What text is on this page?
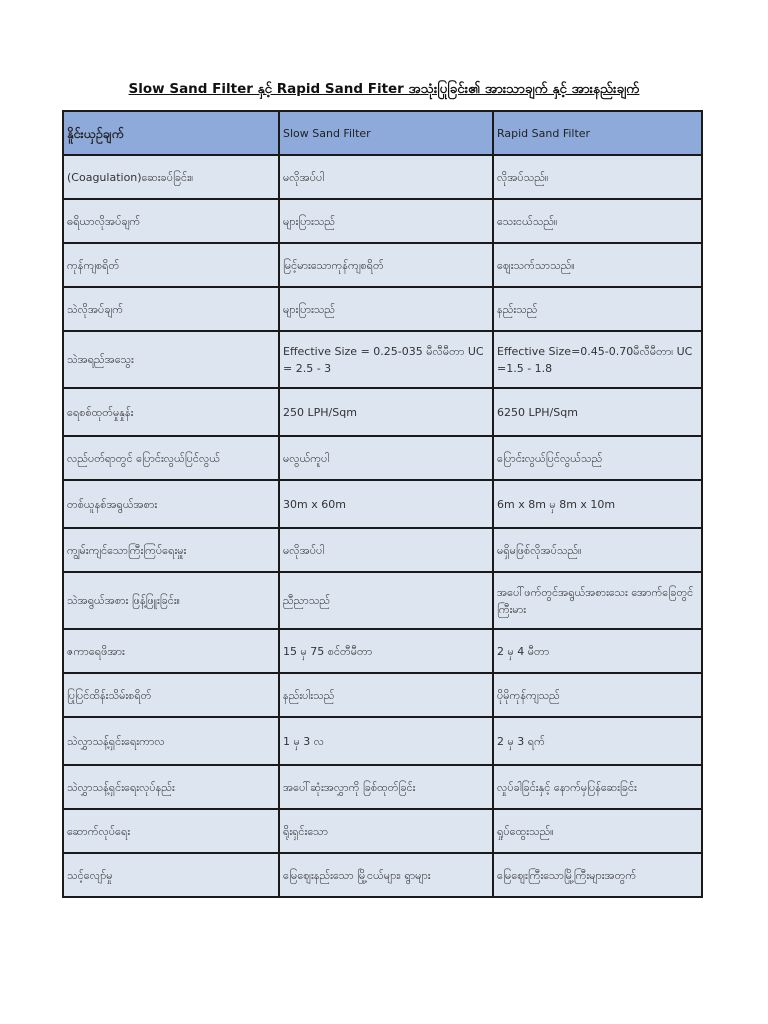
Slow Sand Filter နှင့် Rapid Sand Fiter အသုံးပြုခြင်း၏ အားသာချက် နှင့် အားနည်းချက်
နိူင်းယှဉ်ချက်	Slow Sand Filter	Rapid Sand Filter
(Coagulation)ဆေးခပ်ခြင်း။	မလိုအပ်ပါ	လိုအပ်သည်။
ဓရိယာလိုအပ်ချက်	များပြားသည်	သေးငယ်သည်။
ကုန်ကျစရိတ်	မြင့်မားသောကုန်ကျစရိတ်	ဈေးသက်သာသည်။
သဲလိုအပ်ချက်	များပြားသည်	နည်းသည်
သဲအရည်အသွေး	Effective Size = 0.25-035 မီလီမီတာ UC = 2.5 - 3	Effective Size=0.45-0.70မီလီမီတာ၊ UC =1.5 - 1.8
ရေစစ်ထုတ်မှုနှုန်း	250 LPH/Sqm	6250 LPH/Sqm
လည်ပတ်ရာတွင် ပြောင်းလွယ်ပြင်လွယ်	မလွယ်ကူပါ	ပြောင်းလွယ်ပြင်လွယ်သည်
တစ်ယူနစ်အရွယ်အစား	30m x 60m	6m x 8m မှ 8m x 10m
ကျွမ်းကျင်သောကြီးကြပ်ရေးမှူး	မလိုအပ်ပါ	မရှိမဖြစ်လိုအပ်သည်။
သဲအရွယ်အစား ဖြန့်ဖြူးခြင်း။	ညီညာသည်	အပေါ်ဖက်တွင်အရွယ်အစားသေး အောက်ခြေတွင်ကြီးမား
ဇကာရေဖိအား	15 မှ 75 စင်တီမီတာ	2 မှ 4 မီတာ
ပြုပြင်ထိန်းသိမ်းစရိတ်	နည်းပါးသည်	ပိုမိုကုန်ကျသည်
သဲလွှာသန့်ရှင်းရေးကာလ	1 မှ 3 လ	2 မှ 3 ရက်
သဲလွှာသန့်ရှင်းရေးလုပ်နည်း	အပေါ်ဆုံးအလွှာကို ခြစ်ထုတ်ခြင်း	လှုပ်ခါခြင်းနှင့် နောက်မှပြန်ဆေးခြင်း
ဆောက်လုပ်ရေး	ရိုးရှင်းသော	ရှုပ်ထွေးသည်။
သင့်လျော်မှု	မြေဈေးနည်းသော မြို့ငယ်များ၊ ရွာများ	မြေဈေးကြီးသောမြို့ကြီးများအတွက်
